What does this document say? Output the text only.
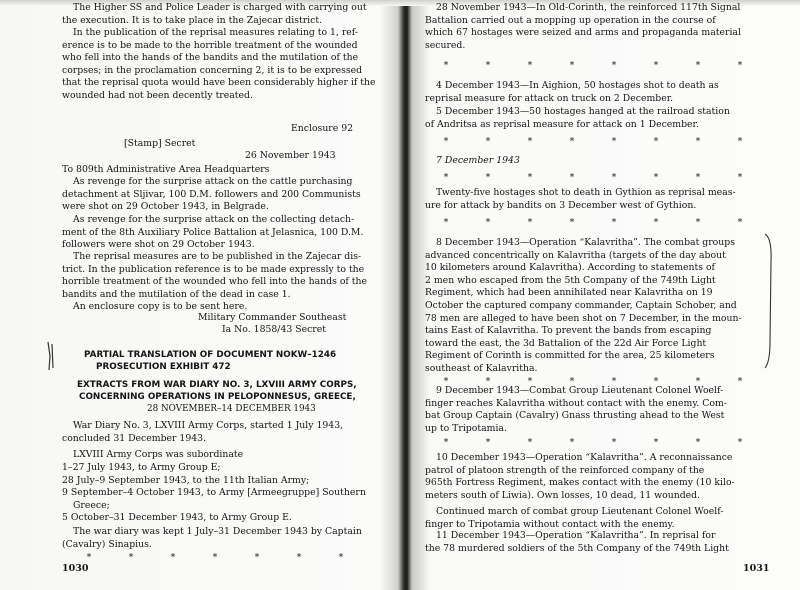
The Higher SS and Police Leader is charged with carrying out
the execution. It is to take place in the Zajecar district.
In the publication of the reprisal measures relating to 1, ref-
erence is to be made to the horrible treatment of the wounded
who fell into the hands of the bandits and the mutilation of the
corpses; in the proclamation concerning 2, it is to be expressed
that the reprisal quota would have been considerably higher if the
wounded had not been decently treated.
Enclosure 92
[Stamp] Secret
26 November 1943
To 809th Administrative Area Headquarters
As revenge for the surprise attack on the cattle purchasing
detachment at Sljivar, 100 D.M. followers and 200 Communists
were shot on 29 October 1943, in Belgrade.
As revenge for the surprise attack on the collecting detach-
ment of the 8th Auxiliary Police Battalion at Jelasnica, 100 D.M.
followers were shot on 29 October 1943.
The reprisal measures are to be published in the Zajecar dis-
trict. In the publication reference is to be made expressly to the
horrible treatment of the wounded who fell into the hands of the
bandits and the mutilation of the dead in case 1.
An enclosure copy is to be sent here.
Military Commander Southeast
Ia No. 1858/43 Secret
PARTIAL TRANSLATION OF DOCUMENT NOKW–1246
PROSECUTION EXHIBIT 472
EXTRACTS FROM WAR DIARY NO. 3, LXVIII ARMY CORPS,
CONCERNING OPERATIONS IN PELOPONNESUS, GREECE,
28 NOVEMBER–14 DECEMBER 1943
War Diary No. 3, LXVIII Army Corps, started 1 July 1943,
concluded 31 December 1943.
LXVIII Army Corps was subordinate
1–27 July 1943, to Army Group E;
28 July–9 September 1943, to the 11th Italian Army;
9 September–4 October 1943, to Army [Armeegruppe] Southern
Greece;
5 October–31 December 1943, to Army Group E.
The war diary was kept 1 July–31 December 1943 by Captain
(Cavalry) Sinapius.
*	*	*	*	*	*	*
1030
28 November 1943—In Old-Corinth, the reinforced 117th Signal
Battalion carried out a mopping up operation in the course of
which 67 hostages were seized and arms and propaganda material
secured.
*	*	*	*	*	*	*	*
4 December 1943—In Aighion, 50 hostages shot to death as
reprisal measure for attack on truck on 2 December.
5 December 1943—50 hostages hanged at the railroad station
of Andritsa as reprisal measure for attack on 1 December.
*	*	*	*	*	*	*	*
7 December 1943
*	*	*	*	*	*	*	*
Twenty-five hostages shot to death in Gythion as reprisal meas-
ure for attack by bandits on 3 December west of Gythion.
*	*	*	*	*	*	*	*
8 December 1943—Operation “Kalavritha”. The combat groups
advanced concentrically on Kalavritha (targets of the day about
10 kilometers around Kalavritha). According to statements of
2 men who escaped from the 5th Company of the 749th Light
Regiment, which had been annihilated near Kalavritha on 19
October the captured company commander, Captain Schober, and
78 men are alleged to have been shot on 7 December, in the moun-
tains East of Kalavritha. To prevent the bands from escaping
toward the east, the 3d Battalion of the 22d Air Force Light
Regiment of Corinth is committed for the area, 25 kilometers
southeast of Kalavritha.
*	*	*	*	*	*	*	*
9 December 1943—Combat Group Lieutenant Colonel Woelf-
finger reaches Kalavritha without contact with the enemy. Com-
bat Group Captain (Cavalry) Gnass thrusting ahead to the West
up to Tripotamia.
*	*	*	*	*	*	*	*
10 December 1943—Operation “Kalavritha”. A reconnaissance
patrol of platoon strength of the reinforced company of the
965th Fortress Regiment, makes contact with the enemy (10 kilo-
meters south of Liwia). Own losses, 10 dead, 11 wounded.
Continued march of combat group Lieutenant Colonel Woelf-
finger to Tripotamia without contact with the enemy.
11 December 1943—Operation “Kalavritha”. In reprisal for
the 78 murdered soldiers of the 5th Company of the 749th Light
1031
